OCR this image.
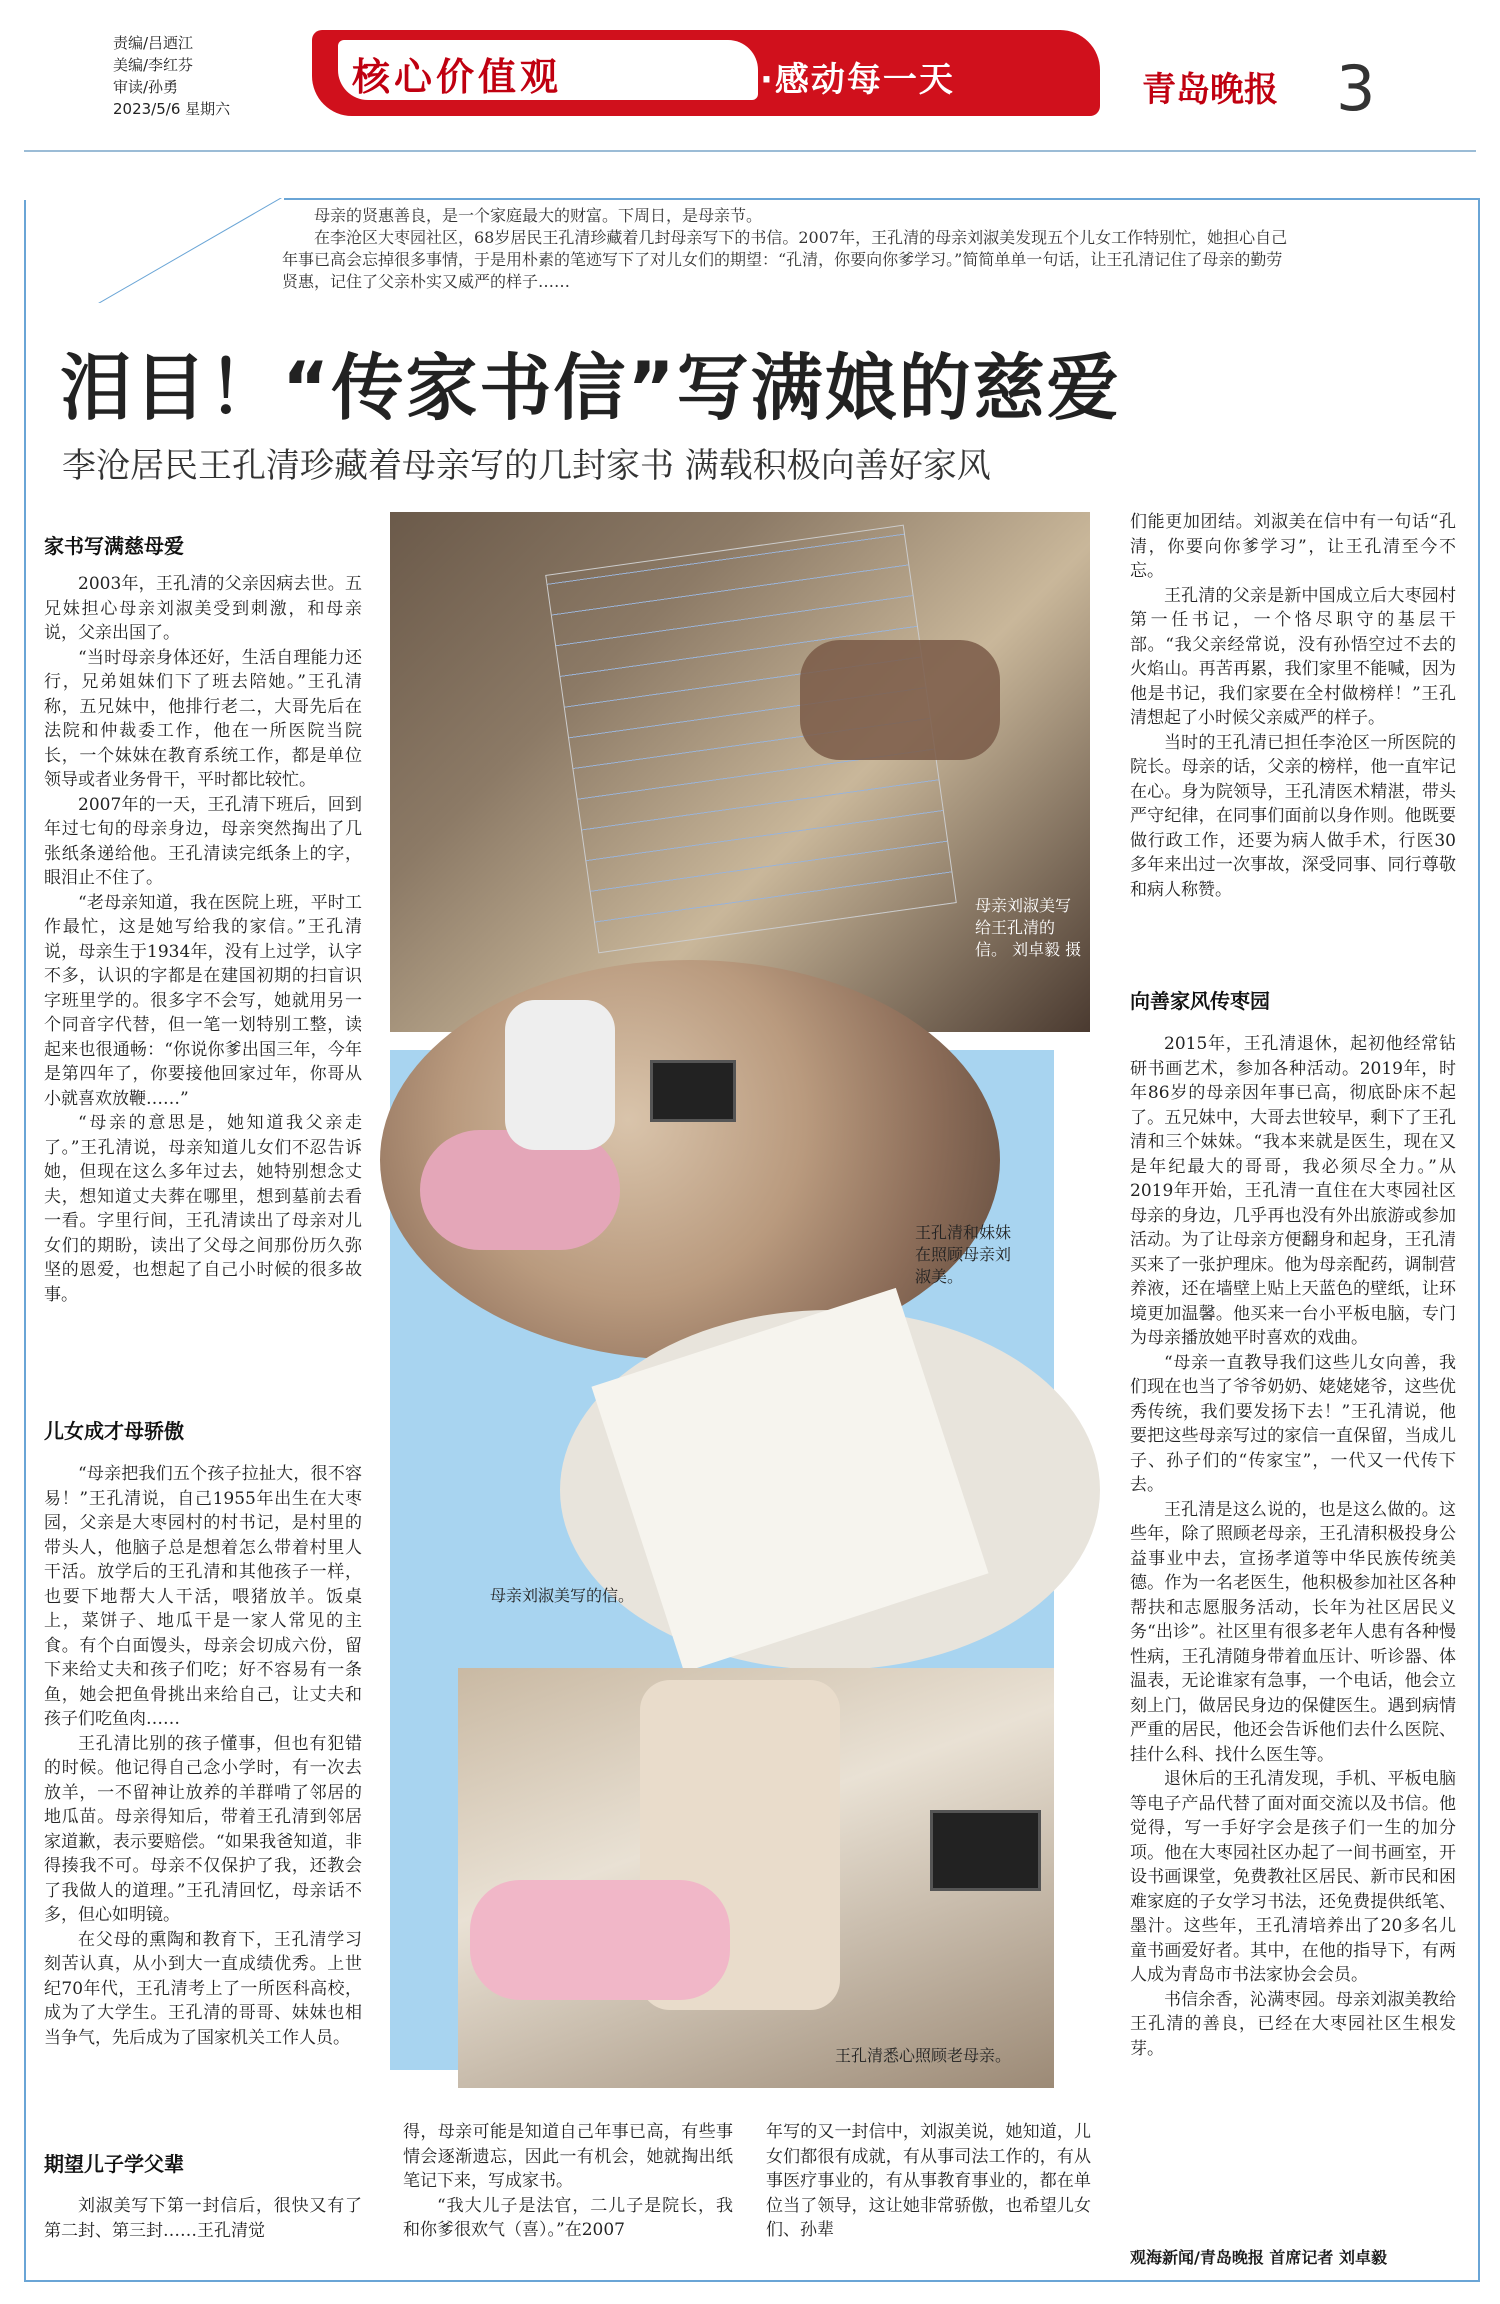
责编/吕迺江
美编/李红芬
审读/孙勇
2023/5/6 星期六
核心价值观	·感动每一天	青岛晚报 3
母亲的贤惠善良，是一个家庭最大的财富。下周日，是母亲节。
在李沧区大枣园社区，68岁居民王孔清珍藏着几封母亲写下的书信。2007年，王孔清的母亲刘淑美发现五个儿女工作特别忙，她担心自己年事已高会忘掉很多事情，于是用朴素的笔迹写下了对儿女们的期望：“孔清，你要向你爹学习。”简简单单一句话，让王孔清记住了母亲的勤劳贤惠，记住了父亲朴实又威严的样子……
泪目！“传家书信”写满娘的慈爱
李沧居民王孔清珍藏着母亲写的几封家书 满载积极向善好家风
家书写满慈母爱

2003年，王孔清的父亲因病去世。五兄妹担心母亲刘淑美受到刺激，和母亲说，父亲出国了。

“当时母亲身体还好，生活自理能力还行，兄弟姐妹们下了班去陪她。”王孔清称，五兄妹中，他排行老二，大哥先后在法院和仲裁委工作，他在一所医院当院长，一个妹妹在教育系统工作，都是单位领导或者业务骨干，平时都比较忙。

2007年的一天，王孔清下班后，回到年过七旬的母亲身边，母亲突然掏出了几张纸条递给他。王孔清读完纸条上的字，眼泪止不住了。

“老母亲知道，我在医院上班，平时工作最忙，这是她写给我的家信。”王孔清说，母亲生于1934年，没有上过学，认字不多，认识的字都是在建国初期的扫盲识字班里学的。很多字不会写，她就用另一个同音字代替，但一笔一划特别工整，读起来也很通畅：“你说你爹出国三年，今年是第四年了，你要接他回家过年，你哥从小就喜欢放鞭……”

“母亲的意思是，她知道我父亲走了。”王孔清说，母亲知道儿女们不忍告诉她，但现在这么多年过去，她特别想念丈夫，想知道丈夫葬在哪里，想到墓前去看一看。字里行间，王孔清读出了母亲对儿女们的期盼，读出了父母之间那份历久弥坚的恩爱，也想起了自己小时候的很多故事。

儿女成才母骄傲

“母亲把我们五个孩子拉扯大，很不容易！”王孔清说，自己1955年出生在大枣园，父亲是大枣园村的村书记，是村里的带头人，他脑子总是想着怎么带着村里人干活。放学后的王孔清和其他孩子一样，也要下地帮大人干活，喂猪放羊。饭桌上，菜饼子、地瓜干是一家人常见的主食。有个白面馒头，母亲会切成六份，留下来给丈夫和孩子们吃；好不容易有一条鱼，她会把鱼骨挑出来给自己，让丈夫和孩子们吃鱼肉……

王孔清比别的孩子懂事，但也有犯错的时候。他记得自己念小学时，有一次去放羊，一不留神让放养的羊群啃了邻居的地瓜苗。母亲得知后，带着王孔清到邻居家道歉，表示要赔偿。“如果我爸知道，非得揍我不可。母亲不仅保护了我，还教会了我做人的道理。”王孔清回忆，母亲话不多，但心如明镜。

在父母的熏陶和教育下，王孔清学习刻苦认真，从小到大一直成绩优秀。上世纪70年代，王孔清考上了一所医科高校，成为了大学生。王孔清的哥哥、妹妹也相当争气，先后成为了国家机关工作人员。

期望儿子学父辈

刘淑美写下第一封信后，很快又有了第二封、第三封……王孔清觉

母亲刘淑美写给王孔清的信。 刘卓毅 摄
王孔清和妹妹在照顾母亲刘淑美。
母亲刘淑美写的信。
王孔清悉心照顾老母亲。

得，母亲可能是知道自己年事已高，有些事情会逐渐遗忘，因此一有机会，她就掏出纸笔记下来，写成家书。

“我大儿子是法官，二儿子是院长，我和你爹很欢气（喜）。”在2007

年写的又一封信中，刘淑美说，她知道，儿女们都很有成就，有从事司法工作的，有从事医疗事业的，有从事教育事业的，都在单位当了领导，这让她非常骄傲，也希望儿女们、孙辈

们能更加团结。刘淑美在信中有一句话“孔清，你要向你爹学习”，让王孔清至今不忘。

王孔清的父亲是新中国成立后大枣园村第一任书记，一个恪尽职守的基层干部。“我父亲经常说，没有孙悟空过不去的火焰山。再苦再累，我们家里不能喊，因为他是书记，我们家要在全村做榜样！”王孔清想起了小时候父亲威严的样子。

当时的王孔清已担任李沧区一所医院的院长。母亲的话，父亲的榜样，他一直牢记在心。身为院领导，王孔清医术精湛，带头严守纪律，在同事们面前以身作则。他既要做行政工作，还要为病人做手术，行医30多年来出过一次事故，深受同事、同行尊敬和病人称赞。

向善家风传枣园

2015年，王孔清退休，起初他经常钻研书画艺术，参加各种活动。2019年，时年86岁的母亲因年事已高，彻底卧床不起了。五兄妹中，大哥去世较早，剩下了王孔清和三个妹妹。“我本来就是医生，现在又是年纪最大的哥哥，我必须尽全力。”从2019年开始，王孔清一直住在大枣园社区母亲的身边，几乎再也没有外出旅游或参加活动。为了让母亲方便翻身和起身，王孔清买来了一张护理床。他为母亲配药，调制营养液，还在墙壁上贴上天蓝色的壁纸，让环境更加温馨。他买来一台小平板电脑，专门为母亲播放她平时喜欢的戏曲。

“母亲一直教导我们这些儿女向善，我们现在也当了爷爷奶奶、姥姥姥爷，这些优秀传统，我们要发扬下去！”王孔清说，他要把这些母亲写过的家信一直保留，当成儿子、孙子们的“传家宝”，一代又一代传下去。

王孔清是这么说的，也是这么做的。这些年，除了照顾老母亲，王孔清积极投身公益事业中去，宣扬孝道等中华民族传统美德。作为一名老医生，他积极参加社区各种帮扶和志愿服务活动，长年为社区居民义务“出诊”。社区里有很多老年人患有各种慢性病，王孔清随身带着血压计、听诊器、体温表，无论谁家有急事，一个电话，他会立刻上门，做居民身边的保健医生。遇到病情严重的居民，他还会告诉他们去什么医院、挂什么科、找什么医生等。

退休后的王孔清发现，手机、平板电脑等电子产品代替了面对面交流以及书信。他觉得，写一手好字会是孩子们一生的加分项。他在大枣园社区办起了一间书画室，开设书画课堂，免费教社区居民、新市民和困难家庭的子女学习书法，还免费提供纸笔、墨汁。这些年，王孔清培养出了20多名儿童书画爱好者。其中，在他的指导下，有两人成为青岛市书法家协会会员。

书信余香，沁满枣园。母亲刘淑美教给王孔清的善良，已经在大枣园社区生根发芽。

观海新闻/青岛晚报 首席记者 刘卓毅
